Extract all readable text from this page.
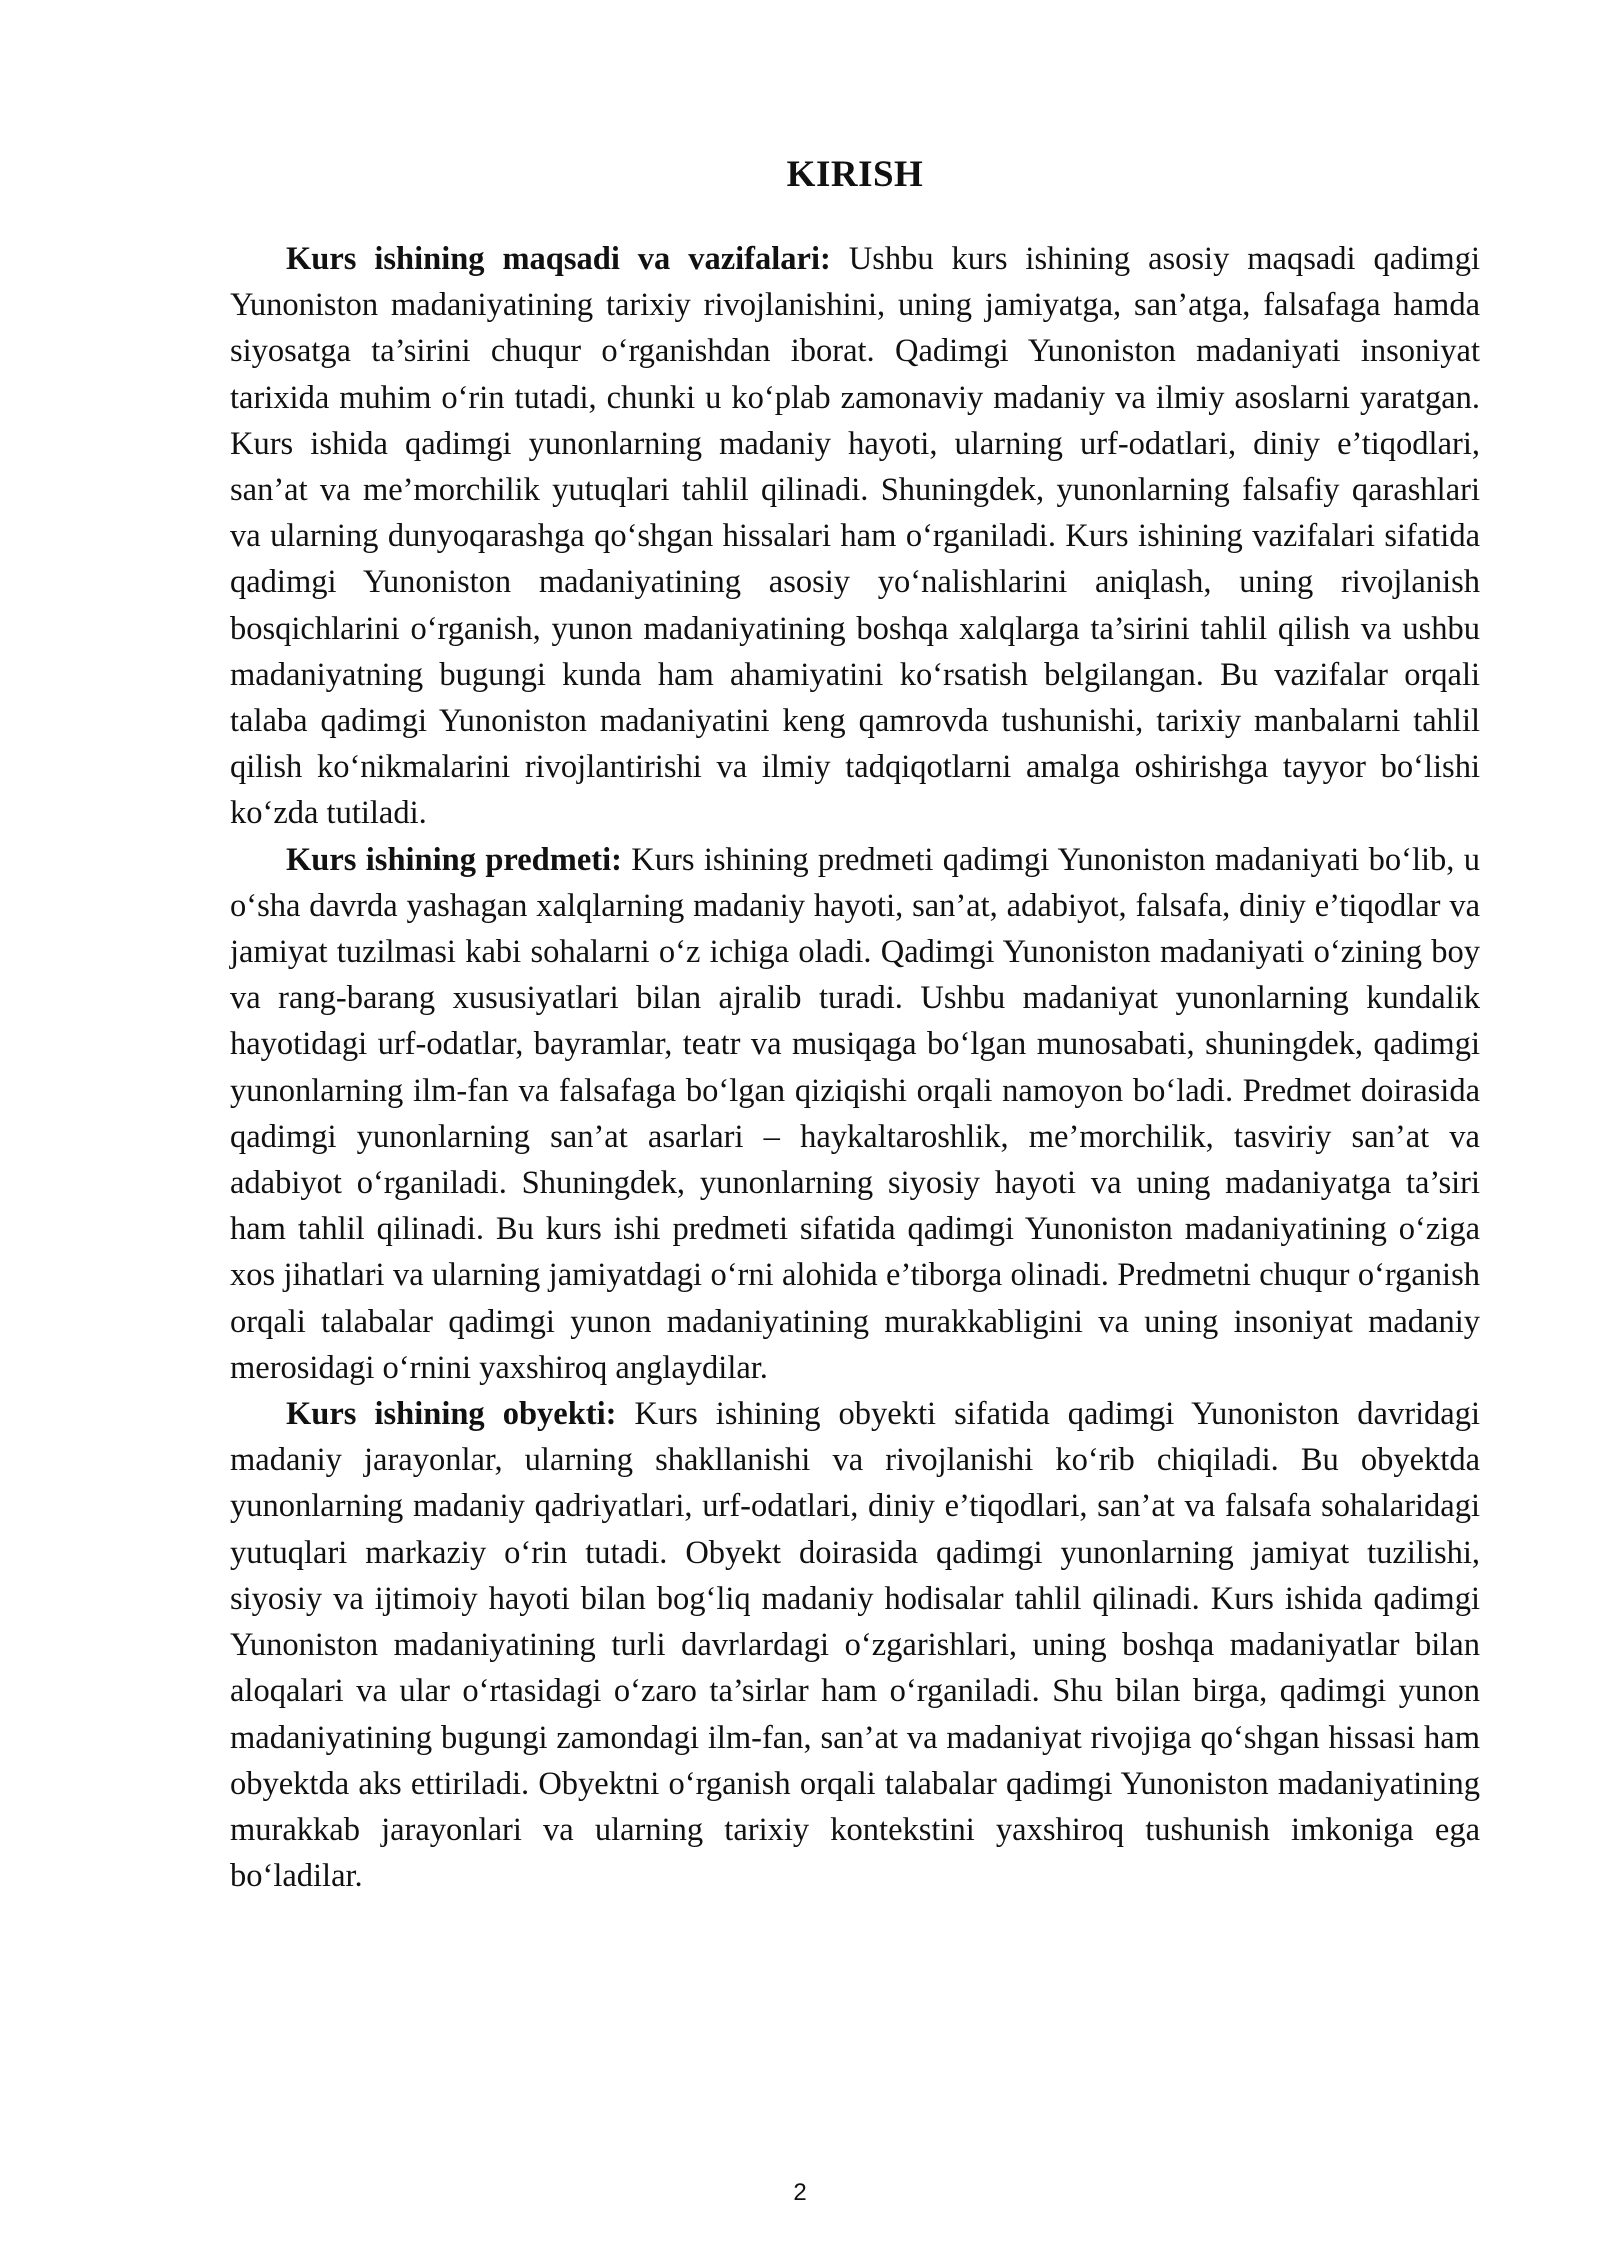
KIRISH

Kurs ishining maqsadi va vazifalari: Ushbu kurs ishining asosiy maqsadi qadimgi Yunoniston madaniyatining tarixiy rivojlanishini, uning jamiyatga, san’atga, falsafaga hamda siyosatga ta’sirini chuqur o‘rganishdan iborat. Qadimgi Yunoniston madaniyati insoniyat tarixida muhim o‘rin tutadi, chunki u ko‘plab zamonaviy madaniy va ilmiy asoslarni yaratgan. Kurs ishida qadimgi yunonlarning madaniy hayoti, ularning urf-odatlari, diniy e’tiqodlari, san’at va me’morchilik yutuqlari tahlil qilinadi. Shuningdek, yunonlarning falsafiy qarashlari va ularning dunyoqarashga qo‘shgan hissalari ham o‘rganiladi. Kurs ishining vazifalari sifatida qadimgi Yunoniston madaniyatining asosiy yo‘nalishlarini aniqlash, uning rivojlanish bosqichlarini o‘rganish, yunon madaniyatining boshqa xalqlarga ta’sirini tahlil qilish va ushbu madaniyatning bugungi kunda ham ahamiyatini ko‘rsatish belgilangan. Bu vazifalar orqali talaba qadimgi Yunoniston madaniyatini keng qamrovda tushunishi, tarixiy manbalarni tahlil qilish ko‘nikmalarini rivojlantirishi va ilmiy tadqiqotlarni amalga oshirishga tayyor bo‘lishi ko‘zda tutiladi.

Kurs ishining predmeti: Kurs ishining predmeti qadimgi Yunoniston madaniyati bo‘lib, u o‘sha davrda yashagan xalqlarning madaniy hayoti, san’at, adabiyot, falsafa, diniy e’tiqodlar va jamiyat tuzilmasi kabi sohalarni o‘z ichiga oladi. Qadimgi Yunoniston madaniyati o‘zining boy va rang-barang xususiyatlari bilan ajralib turadi. Ushbu madaniyat yunonlarning kundalik hayotidagi urf-odatlar, bayramlar, teatr va musiqaga bo‘lgan munosabati, shuningdek, qadimgi yunonlarning ilm-fan va falsafaga bo‘lgan qiziqishi orqali namoyon bo‘ladi. Predmet doirasida qadimgi yunonlarning san’at asarlari – haykaltaroshlik, me’morchilik, tasviriy san’at va adabiyot o‘rganiladi. Shuningdek, yunonlarning siyosiy hayoti va uning madaniyatga ta’siri ham tahlil qilinadi. Bu kurs ishi predmeti sifatida qadimgi Yunoniston madaniyatining o‘ziga xos jihatlari va ularning jamiyatdagi o‘rni alohida e’tiborga olinadi. Predmetni chuqur o‘rganish orqali talabalar qadimgi yunon madaniyatining murakkabligini va uning insoniyat madaniy merosidagi o‘rnini yaxshiroq anglaydilar.

Kurs ishining obyekti: Kurs ishining obyekti sifatida qadimgi Yunoniston davridagi madaniy jarayonlar, ularning shakllanishi va rivojlanishi ko‘rib chiqiladi. Bu obyektda yunonlarning madaniy qadriyatlari, urf-odatlari, diniy e’tiqodlari, san’at va falsafa sohalaridagi yutuqlari markaziy o‘rin tutadi. Obyekt doirasida qadimgi yunonlarning jamiyat tuzilishi, siyosiy va ijtimoiy hayoti bilan bog‘liq madaniy hodisalar tahlil qilinadi. Kurs ishida qadimgi Yunoniston madaniyatining turli davrlardagi o‘zgarishlari, uning boshqa madaniyatlar bilan aloqalari va ular o‘rtasidagi o‘zaro ta’sirlar ham o‘rganiladi. Shu bilan birga, qadimgi yunon madaniyatining bugungi zamondagi ilm-fan, san’at va madaniyat rivojiga qo‘shgan hissasi ham obyektda aks ettiriladi. Obyektni o‘rganish orqali talabalar qadimgi Yunoniston madaniyatining murakkab jarayonlari va ularning tarixiy kontekstini yaxshiroq tushunish imkoniga ega bo‘ladilar.

2
